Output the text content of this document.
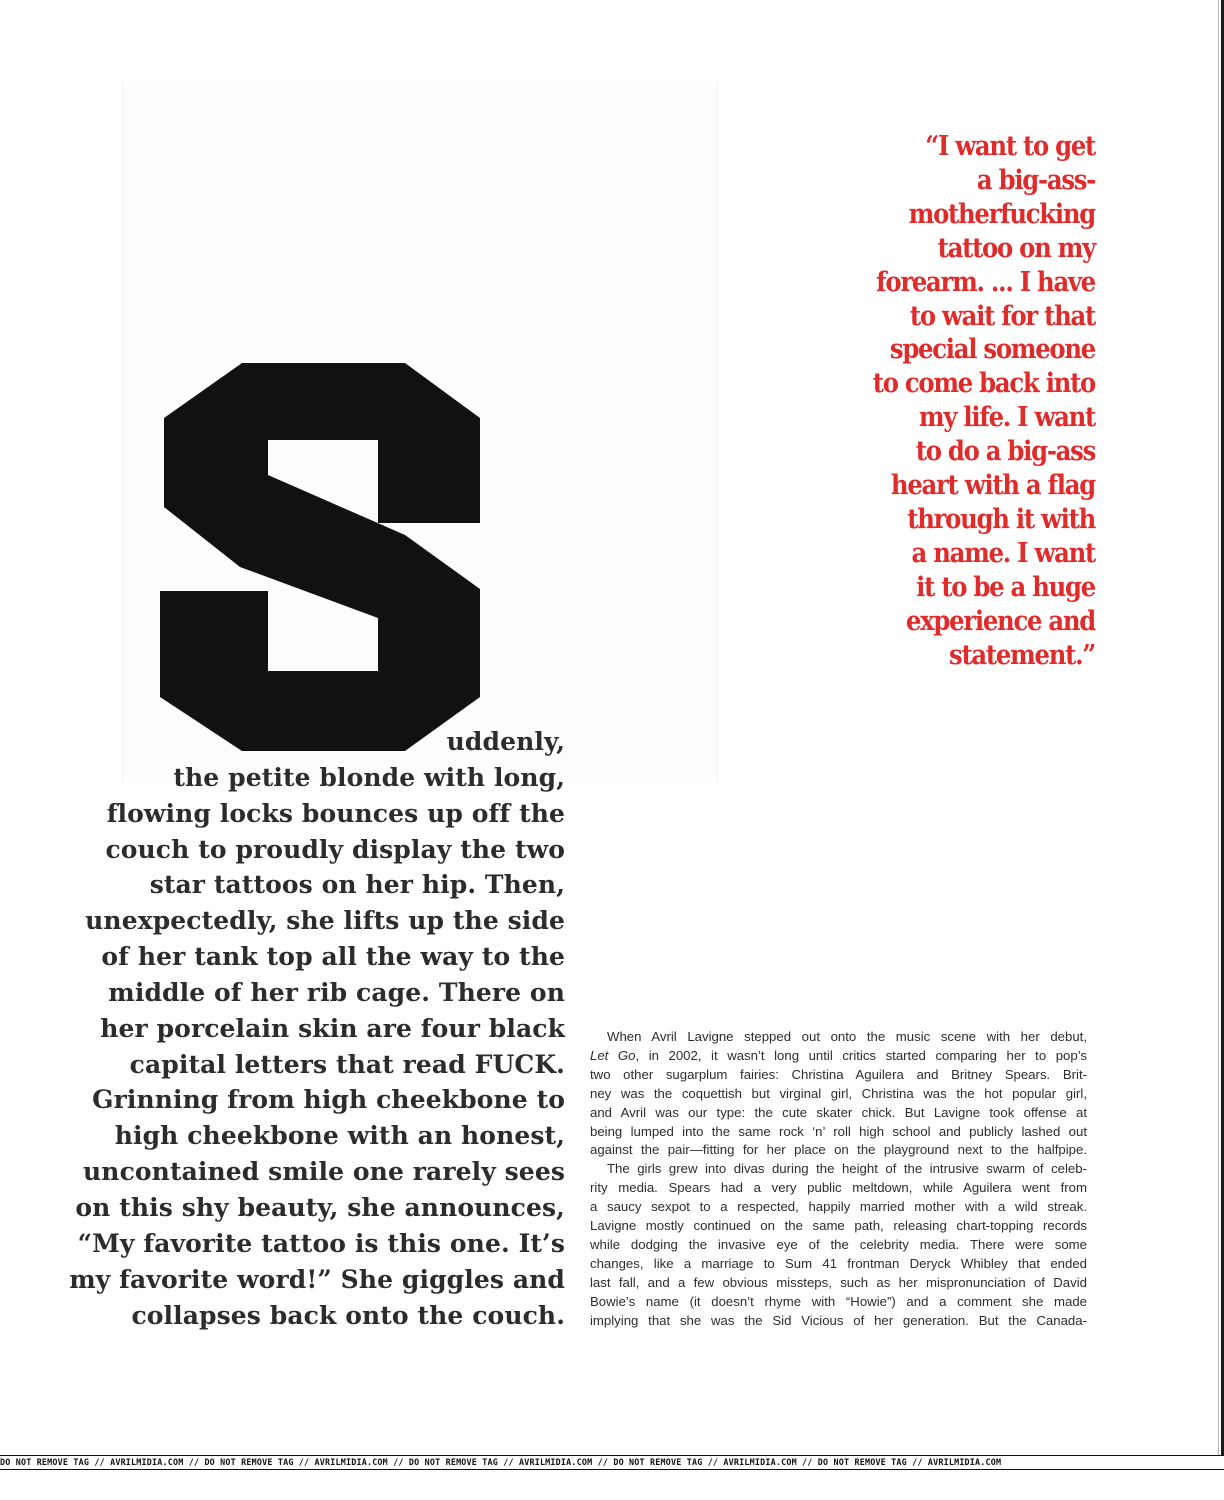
“I want to get
a big-ass-
motherfucking
tattoo on my
forearm. ... I have
to wait for that
special someone
to come back into
my life. I want
to do a big-ass
heart with a flag
through it with
a name. I want
it to be a huge
experience and
statement.”
uddenly,
the petite blonde with long,
flowing locks bounces up off the
couch to proudly display the two
star tattoos on her hip. Then,
unexpectedly, she lifts up the side
of her tank top all the way to the
middle of her rib cage. There on
her porcelain skin are four black
capital letters that read FUCK.
Grinning from high cheekbone to
high cheekbone with an honest,
uncontained smile one rarely sees
on this shy beauty, she announces,
“My favorite tattoo is this one. It’s
my favorite word!” She giggles and
collapses back onto the couch.

When Avril Lavigne stepped out onto the music scene with her debut,
Let Go, in 2002, it wasn’t long until critics started comparing her to pop’s
two other sugarplum fairies: Christina Aguilera and Britney Spears. Brit-
ney was the coquettish but virginal girl, Christina was the hot popular girl,
and Avril was our type: the cute skater chick. But Lavigne took offense at
being lumped into the same rock ‘n’ roll high school and publicly lashed out
against the pair—fitting for her place on the playground next to the halfpipe.

The girls grew into divas during the height of the intrusive swarm of celeb-
rity media. Spears had a very public meltdown, while Aguilera went from
a saucy sexpot to a respected, happily married mother with a wild streak.
Lavigne mostly continued on the same path, releasing chart-topping records
while dodging the invasive eye of the celebrity media. There were some
changes, like a marriage to Sum 41 frontman Deryck Whibley that ended
last fall, and a few obvious missteps, such as her mispronunciation of David
Bowie’s name (it doesn’t rhyme with “Howie”) and a comment she made
implying that she was the Sid Vicious of her generation. But the Canada-

DO NOT REMOVE TAG // AVRILMIDIA.COM // DO NOT REMOVE TAG // AVRILMIDIA.COM // DO NOT REMOVE TAG // AVRILMIDIA.COM // DO NOT REMOVE TAG // AVRILMIDIA.COM // DO NOT REMOVE TAG // AVRILMIDIA.COM
